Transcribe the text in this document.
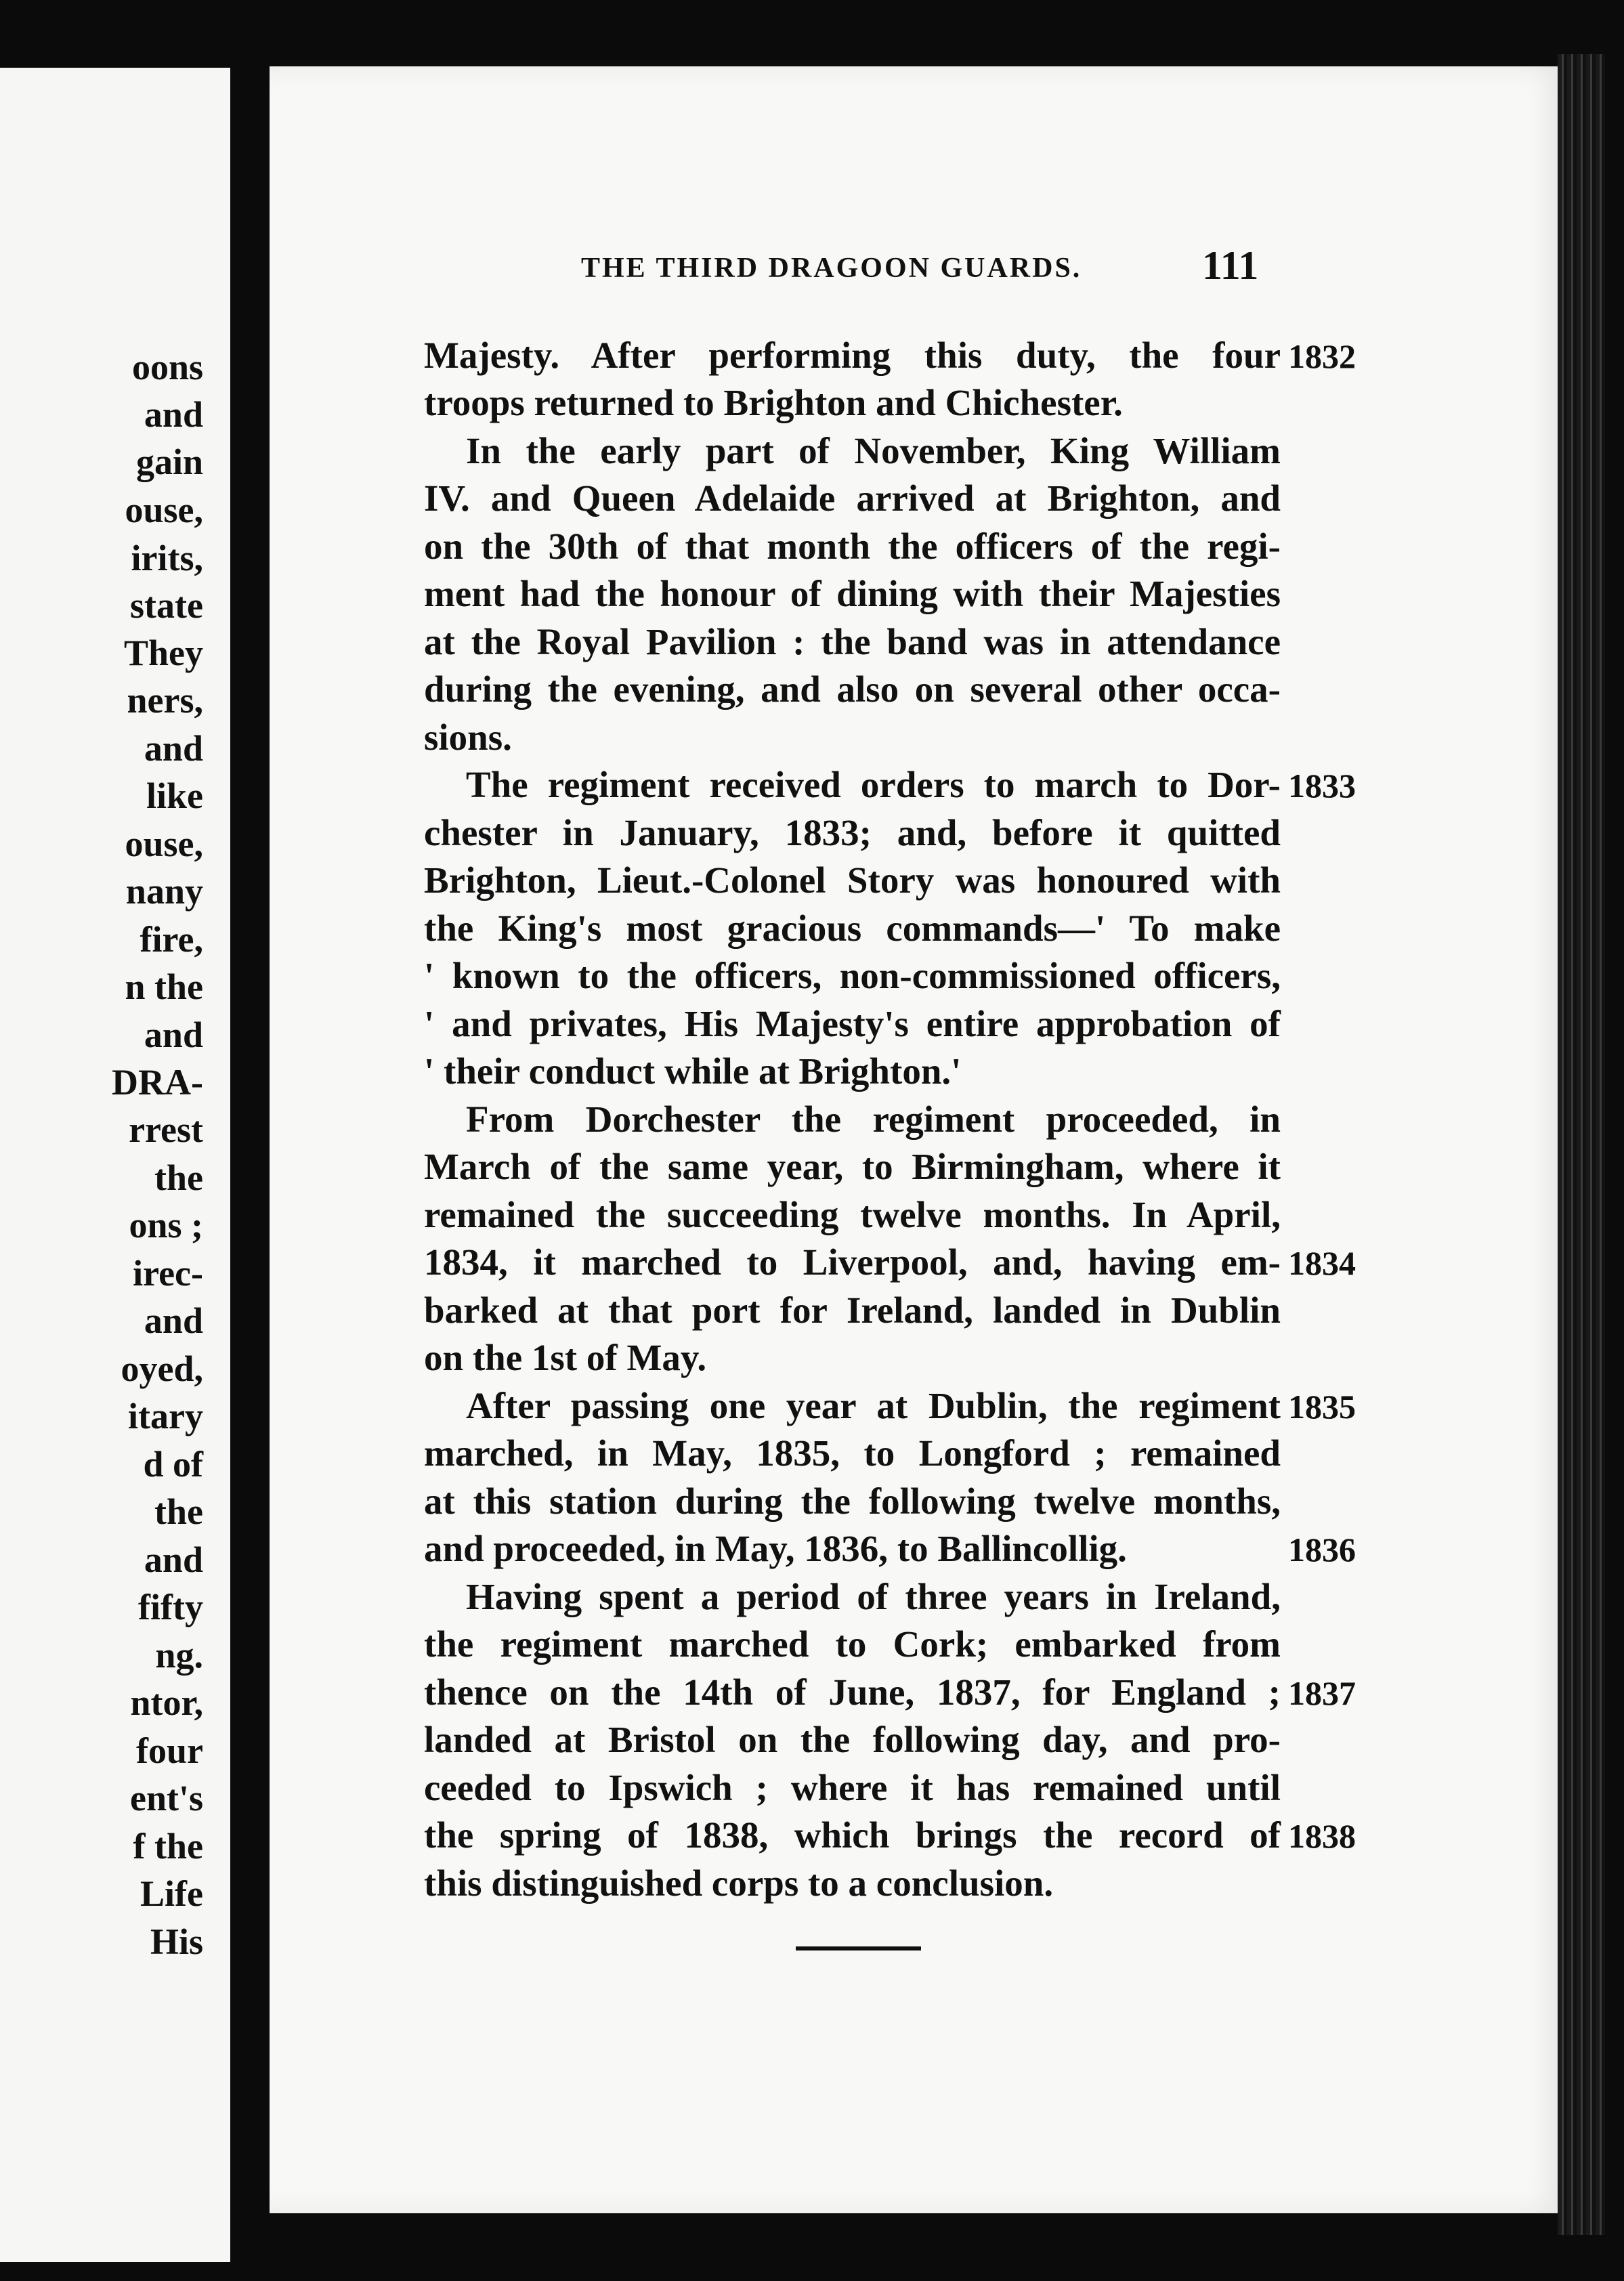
oons
and
gain
ouse,
irits,
state
They
ners,
and
like
ouse,
nany
fire,
n the
and
DRA-
rrest
the
ons ;
irec-
and
oyed,
itary
d of
the
and
fifty
ng.
ntor,
four
ent's
f the
Life
His
THE THIRD DRAGOON GUARDS.	111
Majesty. After performing this duty, the four
troops returned to Brighton and Chichester.
In the early part of November, King William
IV. and Queen Adelaide arrived at Brighton, and
on the 30th of that month the officers of the regi-
ment had the honour of dining with their Majesties
at the Royal Pavilion : the band was in attendance
during the evening, and also on several other occa-
sions.
The regiment received orders to march to Dor-
chester in January, 1833; and, before it quitted
Brighton, Lieut.-Colonel Story was honoured with
the King's most gracious commands—' To make
' known to the officers, non-commissioned officers,
' and privates, His Majesty's entire approbation of
' their conduct while at Brighton.'
From Dorchester the regiment proceeded, in
March of the same year, to Birmingham, where it
remained the succeeding twelve months. In April,
1834, it marched to Liverpool, and, having em-
barked at that port for Ireland, landed in Dublin
on the 1st of May.
After passing one year at Dublin, the regiment
marched, in May, 1835, to Longford ; remained
at this station during the following twelve months,
and proceeded, in May, 1836, to Ballincollig.
Having spent a period of three years in Ireland,
the regiment marched to Cork; embarked from
thence on the 14th of June, 1837, for England ;
landed at Bristol on the following day, and pro-
ceeded to Ipswich ; where it has remained until
the spring of 1838, which brings the record of
this distinguished corps to a conclusion.
1832
1833
1834
1835
1836
1837
1838
